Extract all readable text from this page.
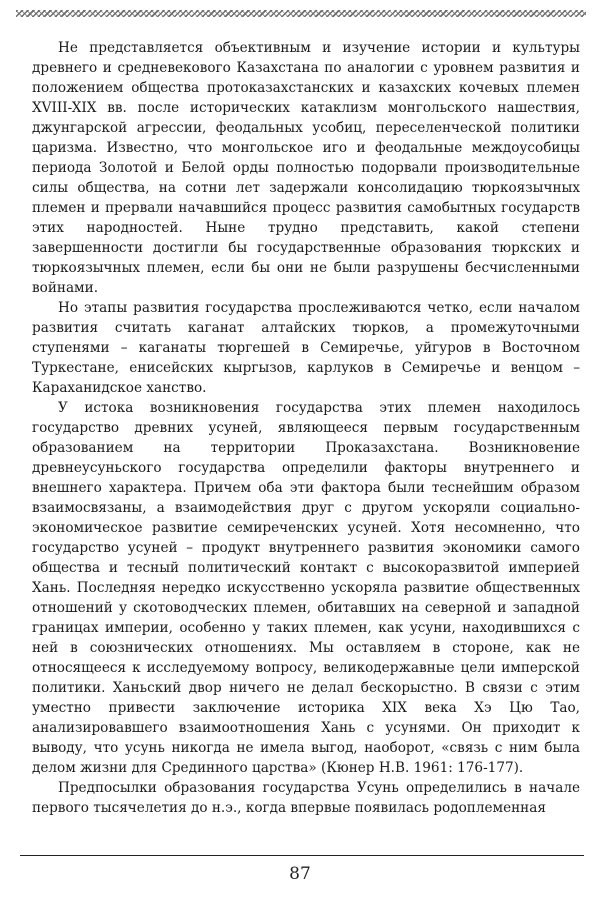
Не представляется объективным и изучение истории и культуры древнего и средневекового Казахстана по аналогии с уровнем развития и положением общества протоказахстанских и казахских кочевых племен XVIII-XIX вв. после исторических катаклизм монгольского нашествия, джунгарской агрессии, феодальных усобиц, переселенческой политики царизма. Известно, что монгольское иго и феодальные междоусобицы периода Золотой и Белой орды полностью подорвали производительные силы общества, на сотни лет задержали консолидацию тюркоязычных племен и прервали начавшийся процесс развития самобытных государств этих народностей. Ныне трудно представить, какой степени завершенности достигли бы государственные образования тюркских и тюркоязычных племен, если бы они не были разрушены бесчисленными войнами.

Но этапы развития государства прослеживаются четко, если началом развития считать каганат алтайских тюрков, а промежуточными ступенями – каганаты тюргешей в Семиречье, уйгуров в Восточном Туркестане, енисейских кыргызов, карлуков в Семиречье и венцом – Караханидское ханство.

У истока возникновения государства этих племен находилось государство древних усуней, являющееся первым государственным образованием на территории Проказахстана. Возникновение древнеусуньского государства определили факторы внутреннего и внешнего характера. Причем оба эти фактора были теснейшим образом взаимосвязаны, а взаимодействия друг с другом ускоряли социально-экономическое развитие семиреченских усуней. Хотя несомненно, что государство усуней – продукт внутреннего развития экономики самого общества и тесный политический контакт с высокоразвитой империей Хань. Последняя нередко искусственно ускоряла развитие общественных отношений у скотоводческих племен, обитавших на северной и западной границах империи, особенно у таких племен, как усуни, находившихся с ней в союзнических отношениях. Мы оставляем в стороне, как не относящееся к исследуемому вопросу, великодержавные цели имперской политики. Ханьский двор ничего не делал бескорыстно. В связи с этим уместно привести заключение историка XIX века Хэ Цю Тао, анализировавшего взаимоотношения Хань с усунями. Он приходит к выводу, что усунь никогда не имела выгод, наоборот, «связь с ним была делом жизни для Срединного царства» (Кюнер Н.В. 1961: 176-177).

Предпосылки образования государства Усунь определились в начале первого тысячелетия до н.э., когда впервые появилась родоплеменная

87
